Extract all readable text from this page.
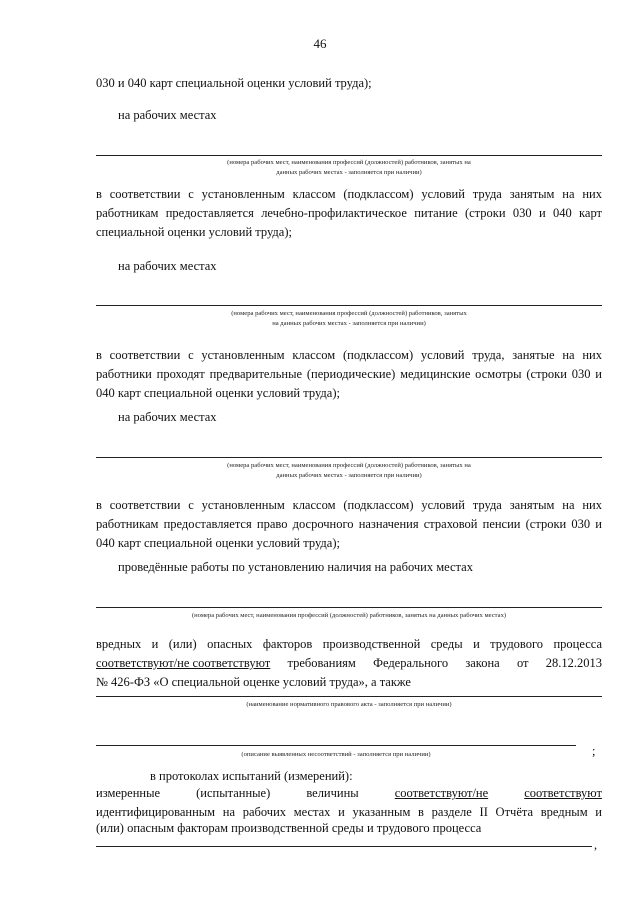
46
030 и 040 карт специальной оценки условий труда);
на рабочих местах
(номера рабочих мест, наименования профессий (должностей) работников, занятых на
данных рабочих местах - заполняется при наличии)
в соответствии с установленным классом (подклассом) условий труда занятым на них работникам предоставляется лечебно-профилактическое питание (строки 030 и 040 карт специальной оценки условий труда);
на рабочих местах
(номера рабочих мест, наименования профессий (должностей) работников, занятых
на данных рабочих местах - заполняется при наличии)
в соответствии с установленным классом (подклассом) условий труда, занятые на них работники проходят предварительные (периодические) медицинские осмотры (строки 030 и 040 карт специальной оценки условий труда);
на рабочих местах
(номера рабочих мест, наименования профессий (должностей) работников, занятых на
данных рабочих местах - заполняется при наличии)
в соответствии с установленным классом (подклассом) условий труда занятым на них работникам предоставляется право досрочного назначения страховой пенсии (строки 030 и 040 карт специальной оценки условий труда);
проведённые работы по установлению наличия на рабочих местах
(номера рабочих мест, наименования профессий (должностей) работников, занятых на данных рабочих местах)
вредных и (или) опасных факторов производственной среды и трудового процесса
соответствуют/не соответствуют требованиям Федерального закона от 28.12.2013
№ 426-ФЗ «О специальной оценке условий труда», а также
(наименование нормативного правового акта - заполняется при наличии)
;
(описание выявленных несоответствий - заполняется при наличии)
в протоколах испытаний (измерений):
измеренные	(испытанные)	величины	соответствуют/не	соответствуют
идентифицированным на рабочих местах и указанным в разделе II Отчёта вредным и
(или) опасным факторам производственной среды и трудового процесса
,
